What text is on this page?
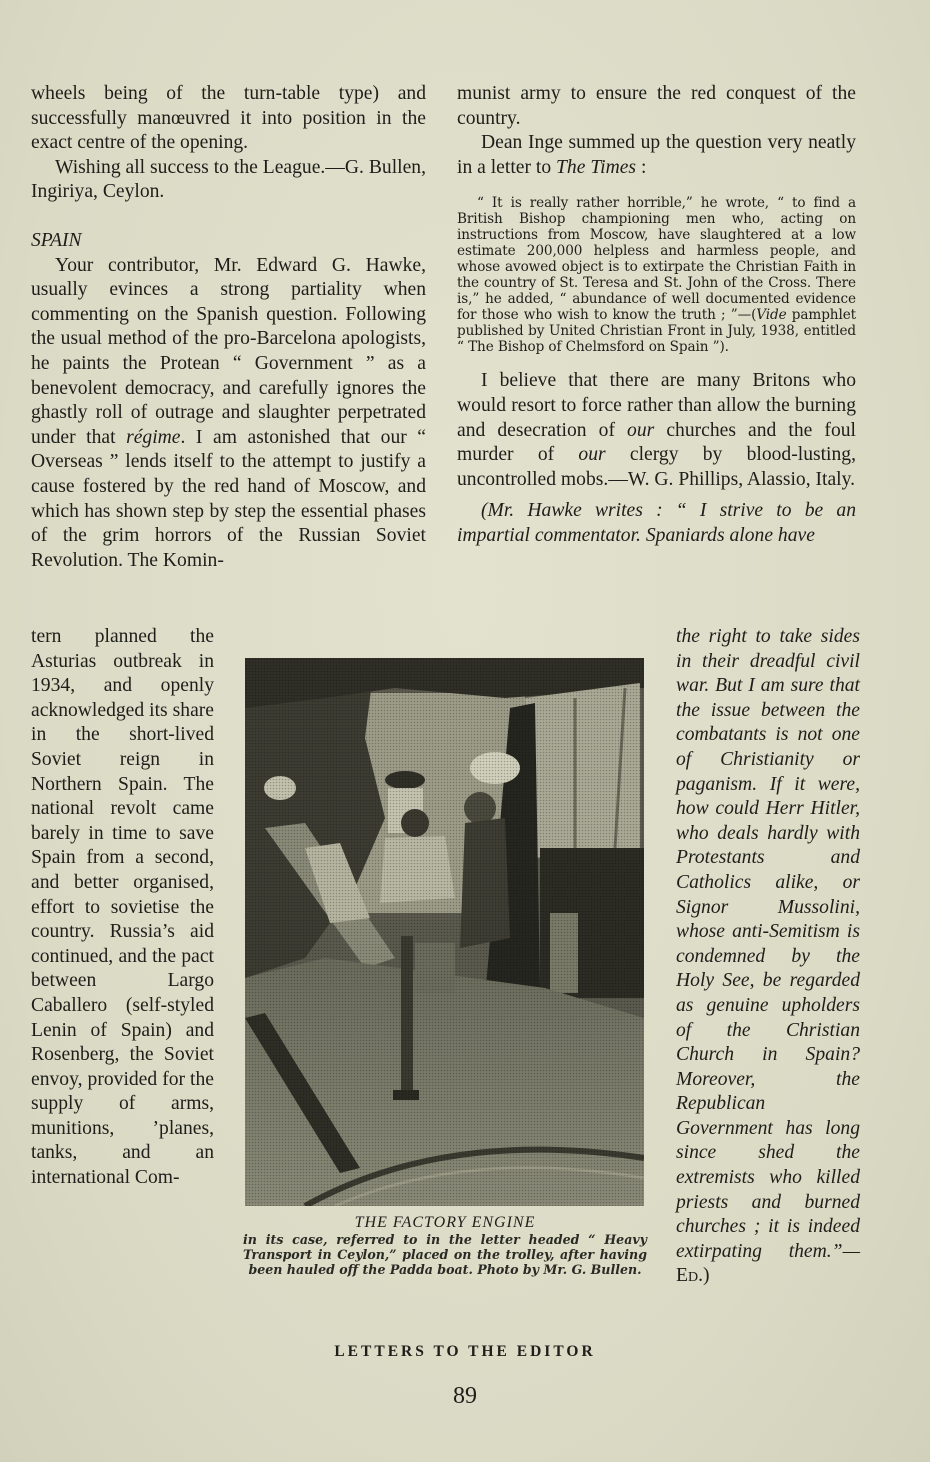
wheels being of the turn-table type) and successfully manœuvred it into position in the exact centre of the opening.

Wishing all success to the League.—G. Bullen, Ingiriya, Ceylon.

SPAIN

Your contributor, Mr. Edward G. Hawke, usually evinces a strong partiality when commenting on the Spanish question. Following the usual method of the pro-Barcelona apologists, he paints the Protean “ Government ” as a benevolent democracy, and carefully ignores the ghastly roll of outrage and slaughter perpetrated under that régime. I am astonished that our “ Overseas ” lends itself to the attempt to justify a cause fostered by the red hand of Moscow, and which has shown step by step the essential phases of the grim horrors of the Russian Soviet Revolution. The Komin-

tern planned the Asturias outbreak in 1934, and openly acknowledged its share in the short-lived Soviet reign in Northern Spain. The national revolt came barely in time to save Spain from a second, and better organised, effort to sovietise the country. Russia’s aid continued, and the pact between Largo Caballero (self-styled Lenin of Spain) and Rosenberg, the Soviet envoy, provided for the supply of arms, munitions, ’planes, tanks, and an international Com-

munist army to ensure the red conquest of the country.

Dean Inge summed up the question very neatly in a letter to The Times :

“ It is really rather horrible,” he wrote, “ to find a British Bishop championing men who, acting on instructions from Moscow, have slaughtered at a low estimate 200,000 helpless and harmless people, and whose avowed object is to extirpate the Christian Faith in the country of St. Teresa and St. John of the Cross. There is,” he added, “ abundance of well documented evidence for those who wish to know the truth ; ”—(Vide pamphlet published by United Christian Front in July, 1938, entitled “ The Bishop of Chelmsford on Spain ”).

I believe that there are many Britons who would resort to force rather than allow the burning and desecration of our churches and the foul murder of our clergy by blood-lusting, uncontrolled mobs.—W. G. Phillips, Alassio, Italy.

(Mr. Hawke writes : “ I strive to be an impartial commentator. Spaniards alone have

the right to take sides in their dreadful civil war. But I am sure that the issue between the combatants is not one of Christianity or paganism. If it were, how could Herr Hitler, who deals hardly with Protestants and Catholics alike, or Signor Mussolini, whose anti-Semitism is condemned by the Holy See, be regarded as genuine upholders of the Christian Church in Spain? Moreover, the Republican Government has long since shed the extremists who killed priests and burned churches ; it is indeed extirpating them.”—Ed.)
THE FACTORY ENGINE
in its case, referred to in the letter headed “ Heavy Transport in Ceylon,” placed on the trolley, after having been hauled off the Padda boat. Photo by Mr. G. Bullen.
LETTERS TO THE EDITOR
89
